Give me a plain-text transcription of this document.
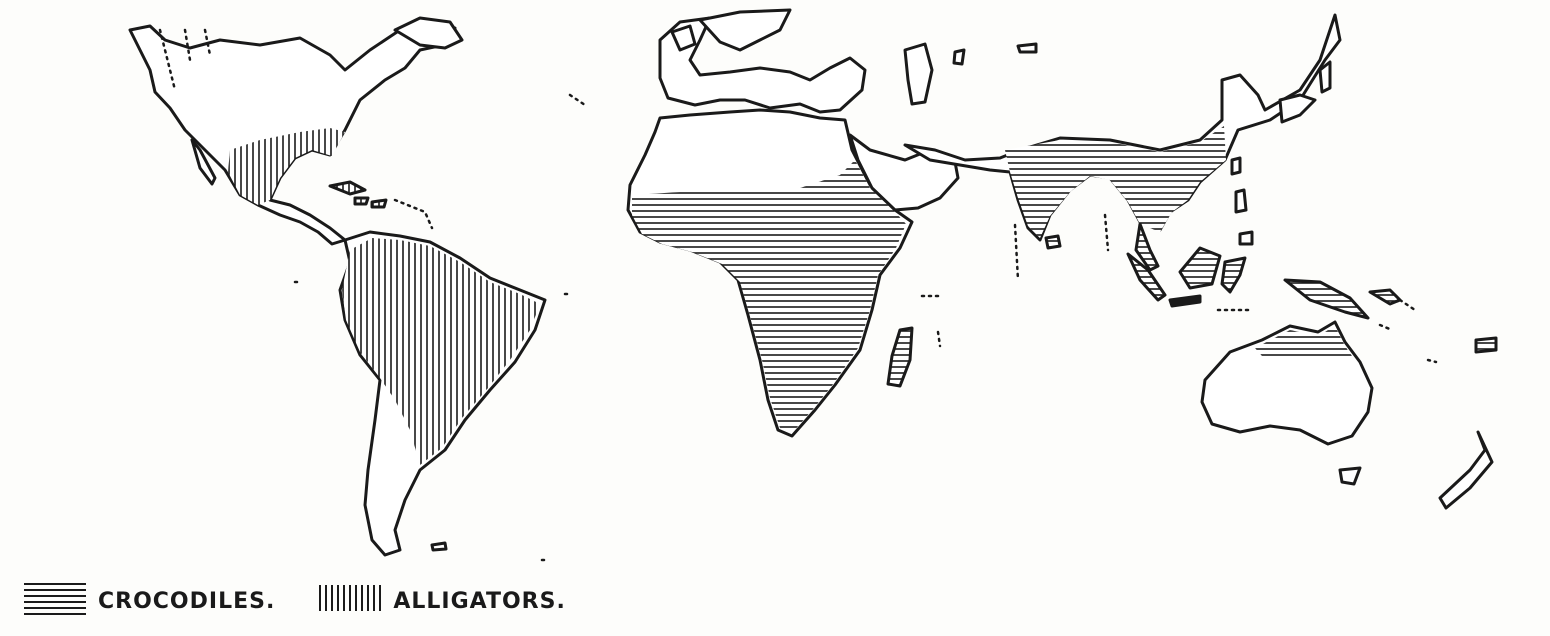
CROCODILES.	ALLIGATORS.
